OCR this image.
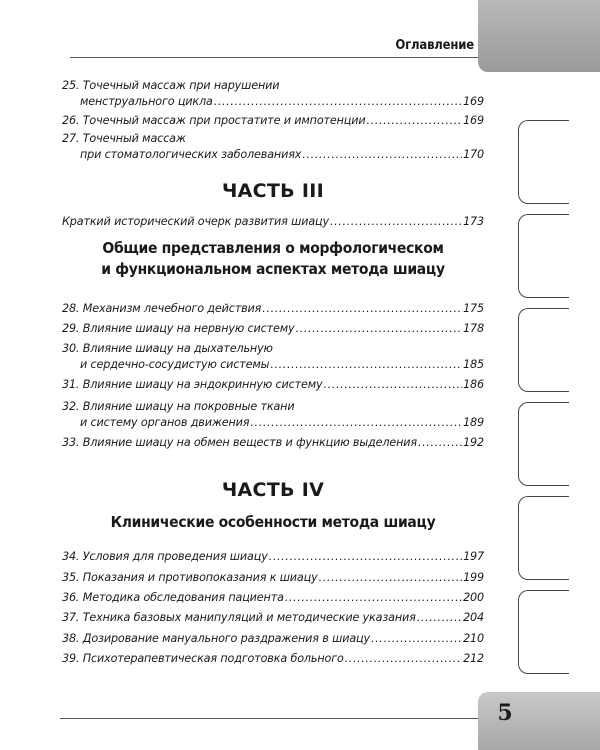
Оглавление
25. Точечный массаж при нарушении
менструального цикла .....	169
26. Точечный массаж при простатите и импотенции .....	169
27. Точечный массаж
при стоматологических заболеваниях .....	170
ЧАСТЬ III
Краткий исторический очерк развития шиацу .....	173
Общие представления о морфологическом
и функциональном аспектах метода шиацу
28. Механизм лечебного действия .....	175
29. Влияние шиацу на нервную систему .....	178
30. Влияние шиацу на дыхательную
и сердечно-сосудистую системы .....	185
31. Влияние шиацу на эндокринную систему .....	186
32. Влияние шиацу на покровные ткани
и систему органов движения .....	189
33. Влияние шиацу на обмен веществ и функцию выделения .....	192
ЧАСТЬ IV
Клинические особенности метода шиацу
34. Условия для проведения шиацу .....	197
35. Показания и противопоказания к шиацу .....	199
36. Методика обследования пациента .....	200
37. Техника базовых манипуляций и методические указания .....	204
38. Дозирование мануального раздражения в шиацу .....	210
39. Психотерапевтическая подготовка больного .....	212
5
